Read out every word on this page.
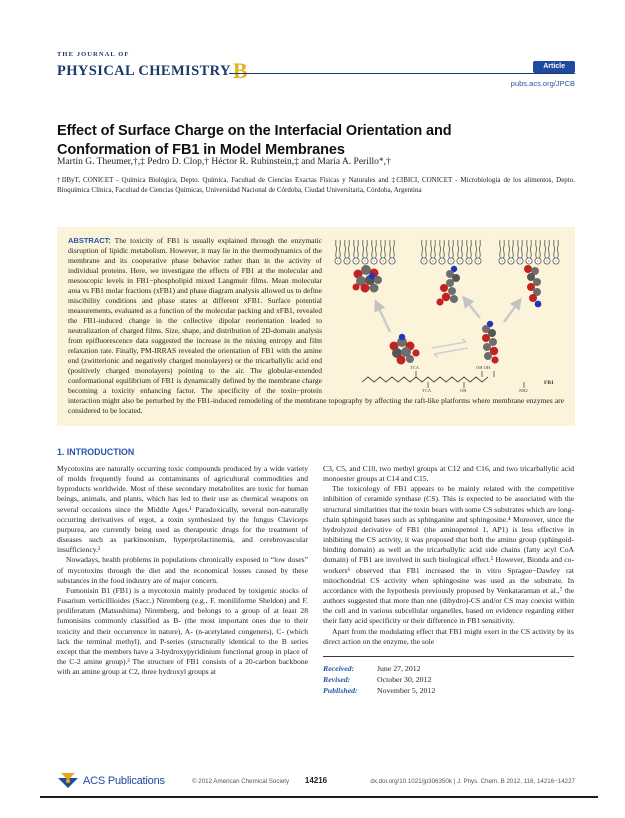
THE JOURNAL OF
PHYSICAL CHEMISTRYB	Article
pubs.acs.org/JPCB
Effect of Surface Charge on the Interfacial Orientation and Conformation of FB1 in Model Membranes
Martín G. Theumer,†,‡ Pedro D. Clop,† Héctor R. Rubinstein,‡ and María A. Perillo*,†
†IIByT, CONICET - Química Biológica, Depto. Química, Facultad de Ciencias Exactas Físicas y Naturales and ‡CIBICI, CONICET - Microbiología de los alimentos, Depto. Bioquímica Clínica, Facultad de Ciencias Químicas, Universidad Nacional de Córdoba, Ciudad Universitaria, Córdoba, Argentina
TCA
TCA
OH OH
OH	NH2
FB1
ABSTRACT: The toxicity of FB1 is usually explained through the enzymatic disruption of lipidic metabolism. However, it may lie in the thermodynamics of the membrane and its cooperative phase behavior rather than in the activity of individual proteins. Here, we investigate the effects of FB1 at the molecular and mesoscopic levels in FB1−phospholipid mixed Langmuir films. Mean molecular area vs FB1 molar fractions (xFB1) and phase diagram analysis allowed us to define miscibility conditions and phase states at different xFB1. Surface potential measurements, evaluated as a function of the molecular packing and xFB1, revealed the FB1-induced change in the collective dipolar reorientation leaded to neutralization of charged films. Size, shape, and distribution of 2D-domain analysis from epifluorescence data suggested the increase in the mixing entropy and film relaxation rate. Finally, PM-IRRAS revealed the orientation of FB1 with the amine end (zwitterionic and negatively charged monolayers) or the tricarballylic acid end (positively charged monolayers) pointing to the air. The globular-extended conformational equilibrium of FB1 is dynamically defined by the membrane charge becoming a toxicity enhancing factor. The specificity of the toxin−protein interaction might also be perturbed by the FB1-induced remodeling of the membrane topography by affecting the raft-like platforms where membrane enzymes are considered to be located.
1. INTRODUCTION

Mycotoxins are naturally occurring toxic compounds produced by a wide variety of molds frequently found as contaminants of agricultural commodities and byproducts worldwide. Most of these secondary metabolites are toxic for human beings, animals, and plants, which has led to their use as chemical weapons on several occasions since the Middle Ages.¹ Paradoxically, several non-naturally occurring derivatives of ergot, a toxin synthesized by the fungus Claviceps purpurea, are currently being used as therapeutic drugs for the treatment of diseases such as parkinsonism, hyperprolactinemia, and cerebrovascular insufficiency.²

Nowadays, health problems in populations chronically exposed to “low doses” of mycotoxins through the diet and the economical losses caused by these substances in the food industry are of major concern.

Fumonisin B1 (FB1) is a mycotoxin mainly produced by toxigenic stocks of Fusarium verticillioides (Sacc.) Niremberg (e.g., F. moniliforme Sheldon) and F. proliferatum (Matsushima) Niremberg, and belongs to a group of at least 28 fumonisins commonly classified as B- (the most important ones due to their toxicity and their occurrence in nature), A- (n-acetylated congeners), C- (which lack the terminal methyl), and P-series (structurally identical to the B series except that the members have a 3-hydroxypyridinium functional group in place of the C-2 amine group).³ The structure of FB1 consists of a 20-carbon backbone with an amine group at C2, three hydroxyl groups at

C3, C5, and C10, two methyl groups at C12 and C16, and two tricarballylic acid monoester groups at C14 and C15.

The toxicology of FB1 appears to be mainly related with the competitive inhibition of ceramide synthase (CS). This is expected to be associated with the structural similarities that the toxin bears with some CS substrates which are long-chain sphingoid bases such as sphinganine and sphingosine.⁴ Moreover, since the hydrolyzed derivative of FB1 (the aminopentol 1, AP1) is less effective in inhibiting the CS activity, it was proposed that both the amino group (sphingoid-binding domain) as well as the tricarballylic acid side chains (fatty acyl CoA domain) of FB1 are involved in such biological effect.⁵ However, Bionda and co-workers⁶ observed that FB1 increased the in vitro Sprague−Dawley rat mitochondrial CS activity when sphingosine was used as the substrate. In accordance with the hypothesis previously proposed by Venkataraman et al.,⁷ the authors suggested that more than one (dihydro)-CS and/or CS may coexist within the cell and in various subcellular organelles, based on evidence regarding either their fatty acid specificity or their difference in FB1 sensitivity.

Apart from the modulating effect that FB1 might exert in the CS activity by its direct action on the enzyme, the sole

Received:	June 27, 2012
Revised:	October 30, 2012
Published:	November 5, 2012
ACS Publications	© 2012 American Chemical Society 14216	dx.doi.org/10.1021/jp306350k | J. Phys. Chem. B 2012, 116, 14216−14227
